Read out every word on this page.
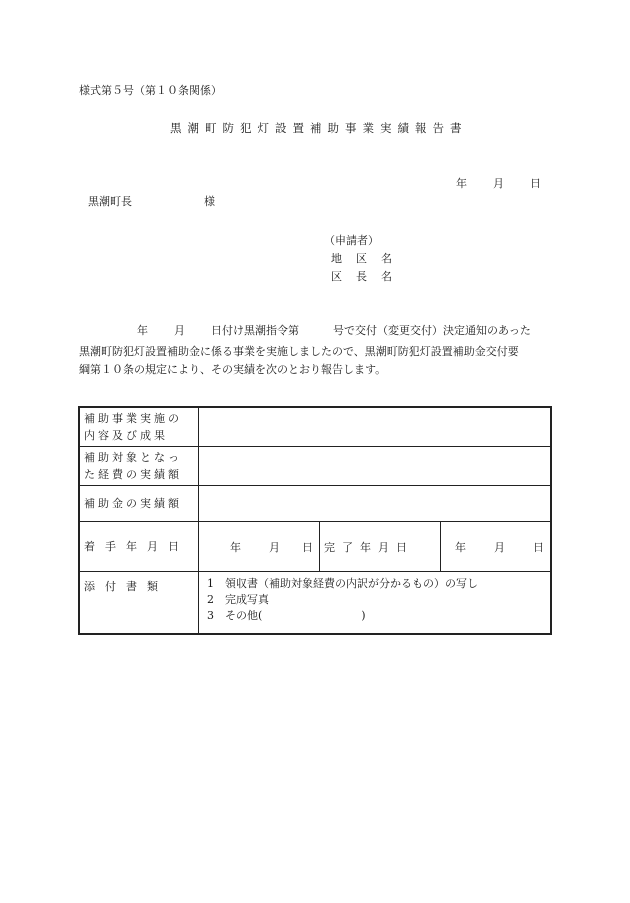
様式第５号（第１０条関係）
黒潮町防犯灯設置補助事業実績報告書
年 月 日
黒潮町長	様
（申請者）
地区名
区長名
年 月 日付け黒潮指令第	号で交付（変更交付）決定通知のあった
黒潮町防犯灯設置補助金に係る事業を実施しましたので、黒潮町防犯灯設置補助金交付要
綱第１０条の規定により、その実績を次のとおり報告します。
補助事業実施の
内容及び成果			

補助対象となっ
た経費の実績額			

補助金の実績額			
着手年月日	年 月 日	完了年月日	年 月 日
添付書類	1 領収書（補助対象経費の内訳が分かるもの）の写し
2 完成写真
3 その他(　　　　　　　　　)		
